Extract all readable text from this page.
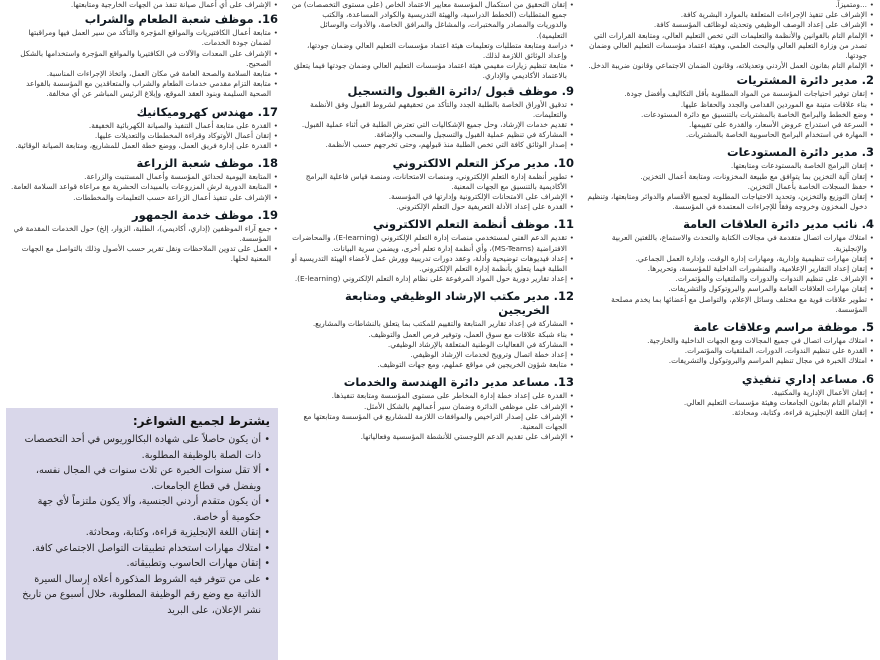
• ...ومتميزاً.
• الإشراف على تنفيذ الإجراءات المتعلقة بالموارد البشرية كافة.
• الإشراف على إعداد الوصف الوظيفي وتحديثه لوظائف المؤسسة كافة.
• الإلمام التام بالقوانين والأنظمة والتعليمات التي تخص التعليم العالي، ومتابعة القرارات التي تصدر من وزارة التعليم العالي والبحث العلمي، وهيئة اعتماد مؤسسات التعليم العالي وضمان جودتها.
• الإلمام التام بقانون العمل الأردني وتعديلاته، وقانون الضمان الاجتماعي وقانون ضريبة الدخل.
2.
مدير دائرة المشتريات
• إتقان توفير احتياجات المؤسسة من المواد المطلوبة بأقل التكاليف وأفضل جودة.
• بناء علاقات متينة مع الموردين القدامى والجدد والحفاظ عليها.
• وضع الخطط والبرامج الخاصة بالمشتريات بالتنسيق مع دائرة المستودعات.
• السرعة في استدراج عروض الأسعار، والقدرة على تقييمها.
• المهارة في استخدام البرامج الحاسوبية الخاصة بالمشتريات.
3.
مدير دائرة المستودعات
• إتقان البرامج الخاصة بالمستودعات ومتابعتها.
• إتقان آلية التخزين بما يتوافق مع طبيعة المخزونات، ومتابعة أعمال التخزين.
• حفظ السجلات الخاصة بأعمال التخزين.
• إتقان التوزيع والتخزين، وتحديد الاحتياجات المطلوبة لجميع الأقسام والدوائر ومتابعتها، وتنظيم دخول المخزون وخروجه وفقاً للإجراءات المعتمدة في المؤسسة.
4.
نائب مدير دائرة العلاقات العامة
• امتلاك مهارات اتصال متقدمة في مجالات الكتابة والتحدث والاستماع، باللغتين العربية والإنجليزية.
• إتقان مهارات تنظيمية وإدارية، ومهارات إدارة الوقت، وإدارة العمل الجماعي.
• إتقان إعداد التقارير الإعلامية، والمنشورات الداخلية للمؤسسة، وتحريرها.
• الإشراف على تنظيم الندوات والدورات والملتقيات والمؤتمرات.
• إتقان مهارات العلاقات العامة والمراسم والبروتوكول والتشريفات.
• تطوير علاقات قوية مع مختلف وسائل الإعلام، والتواصل مع أعضائها بما يخدم مصلحة المؤسسة.
5.
موظفة مراسم وعلاقات عامة
• امتلاك مهارات اتصال في جميع المجالات ومع الجهات الداخلية والخارجية.
• القدرة على تنظيم الندوات، الدورات، الملتقيات والمؤتمرات.
• امتلاك الخبرة في مجال تنظيم المراسم والبروتوكول والتشريفات.
6.
مساعد إداري تنفيذي
• إتقان الأعمال الإدارية والمكتبية.
• الإلمام التام بقانون الجامعات وهيئة مؤسسات التعليم العالي.
• إتقان اللغة الإنجليزية قراءة، وكتابة، ومحادثة.
• إتقان التحقيق من استكمال المؤسسة معايير الاعتماد الخاص (على مستوى التخصصات) من جميع المتطلبات (الخطط الدراسية، والهيئة التدريسية والكوادر المساعدة، والكتب والدوريات والمصادر والمختبرات، والمشاغل والمرافق الخاصة، والأدوات والوسائل التعليمية).
• دراسة ومتابعة متطلبات وتعليمات هيئة اعتماد مؤسسات التعليم العالي وضمان جودتها، وإعداد الوثائق اللازمة لذلك.
• متابعة تنظيم زيارات مقيمي هيئة اعتماد مؤسسات التعليم العالي وضمان جودتها فيما يتعلق بالاعتماد الأكاديمي والإداري.
9.
موظف قبول /دائرة القبول والتسجيل
• تدقيق الأوراق الخاصة بالطلبة الجدد والتأكد من تحقيقهم لشروط القبول وفق الأنظمة والتعليمات.
• تقديم خدمات الإرشاد، وحل جميع الإشكاليات التي تعترض الطلبة في أثناء عملية القبول.
• المشاركة في تنظيم عملية القبول والتسجيل والسحب والإضافة.
• إصدار الوثائق كافة التي تخص الطلبة منذ قبولهم، وحتى تخرجهم حسب الأنظمة.
10.
مدير مركز التعلم الالكتروني
• تطوير أنظمة إدارة التعلم الإلكتروني، ومنصات الامتحانات، ومنصة قياس فاعلية البرامج الأكاديمية بالتنسيق مع الجهات المعنية.
• الإشراف على الامتحانات الإلكترونية وإدارتها في المؤسسة.
• القدرة على إعداد الأدلة التعريفية حول التعلم الإلكتروني.
11.
موظف أنظمة التعلم الالكتروني
• تقديم الدعم الفني لمستخدمي منصات إدارة التعلم الإلكتروني (E-learning)، والمحاضرات الافتراضية (MS-Teams)، وأي أنظمة إدارة تعلم أخرى، ويضمن سرية البيانات.
• إعداد فيديوهات توضيحية وأدلة، وعقد دورات تدريبية وورش عمل لأعضاء الهيئة التدريسية أو الطلبة فيما يتعلق بأنظمة إدارة التعلم الإلكتروني.
• إعداد تقارير دورية حول المواد المرفوعة على نظام إدارة التعلم الإلكتروني (E-learning).
12.
مدير مكتب الإرشاد الوظيفي ومتابعة الخريجين
• المشاركة في إعداد تقارير المتابعة والتقييم للمكتب بما يتعلق بالنشاطات والمشاريع.
• بناء شبكة علاقات مع سوق العمل، وتوفير فرص العمل والتوظيف.
• المشاركة في الفعاليات الوطنية المتعلقة بالإرشاد الوظيفي.
• إعداد خطة اتصال وترويج لخدمات الإرشاد الوظيفي.
• متابعة شؤون الخريجين في مواقع عملهم، ومع جهات التوظيف.
13.
مساعد مدير دائرة الهندسة والخدمات
• القدرة على إعداد خطة إدارة المخاطر على مستوى المؤسسة ومتابعة تنفيذها.
• الإشراف على موظفي الدائرة وضمان سير أعمالهم بالشكل الأمثل.
• الإشراف على إصدار التراخيص والموافقات اللازمة للمشاريع في المؤسسة ومتابعتها مع الجهات المعنية.
• الإشراف على تقديم الدعم اللوجستي للأنشطة المؤسسية وفعالياتها.
• الإشراف على أي أعمال صيانة تنفذ من الجهات الخارجية ومتابعتها.
16.
موظف شعبة الطعام والشراب
• متابعة أعمال الكافتيريات والمواقع المؤجرة والتأكد من سير العمل فيها ومراقبتها لضمان جودة الخدمات.
• الإشراف على المعدات والآلات في الكافتيريا والمواقع المؤجرة واستخدامها بالشكل الصحيح.
• متابعة السلامة والصحة العامة في مكان العمل، واتخاذ الإجراءات المناسبة.
• متابعة التزام مقدمي خدمات الطعام والشراب والمتعاقدين مع المؤسسة بالقواعد الصحية السليمة وبنود العقد الموقع، وإبلاغ الرئيس المباشر عن أي مخالفة.
17.
مهندس كهروميكانيك
• القدرة على متابعة أعمال التنفيذ والصيانة الكهربائية الخفيفة.
• إتقان أعمال الأوتوكاد وقراءة المخططات والتعديلات عليها.
• القدرة على إدارة فريق العمل، ووضع خطة العمل للمشاريع، ومتابعة الصيانة الوقائية.
18.
موظف شعبة الزراعة
• المتابعة اليومية لحدائق المؤسسة وأعمال المستنبت والزراعة.
• المتابعة الدورية لرش المزروعات بالمبيدات الحشرية مع مراعاة قواعد السلامة العامة.
• الإشراف على تنفيذ أعمال الزراعة حسب التعليمات والمخططات.
19.
موظف خدمة الجمهور
• جمع آراء الموظفين (إداري، أكاديمي)، الطلبة، الزوار، إلخ) حول الخدمات المقدمة في المؤسسة.
• العمل على تدوين الملاحظات ونقل تقرير حسب الأصول وذلك بالتواصل مع الجهات المعنية لحلها.
يشترط لجميع الشواغر:
• أن يكون حاصلاً على شهادة البكالوريوس في أحد التخصصات ذات الصلة بالوظيفة المطلوبة.
• ألا تقل سنوات الخبرة عن ثلاث سنوات في المجال نفسه، ويفضل في قطاع الجامعات.
• أن يكون متقدم أردني الجنسية، وألا يكون ملتزماً لأي جهة حكومية أو خاصة.
• إتقان اللغة الإنجليزية قراءة، وكتابة، ومحادثة.
• امتلاك مهارات استخدام تطبيقات التواصل الاجتماعي كافة.
• إتقان مهارات الحاسوب وتطبيقاته.
• على من تتوفر فيه الشروط المذكورة أعلاه إرسال السيرة الذاتية مع وضع رقم الوظيفة المطلوبة، خلال أسبوع من تاريخ نشر الإعلان، على البريد
